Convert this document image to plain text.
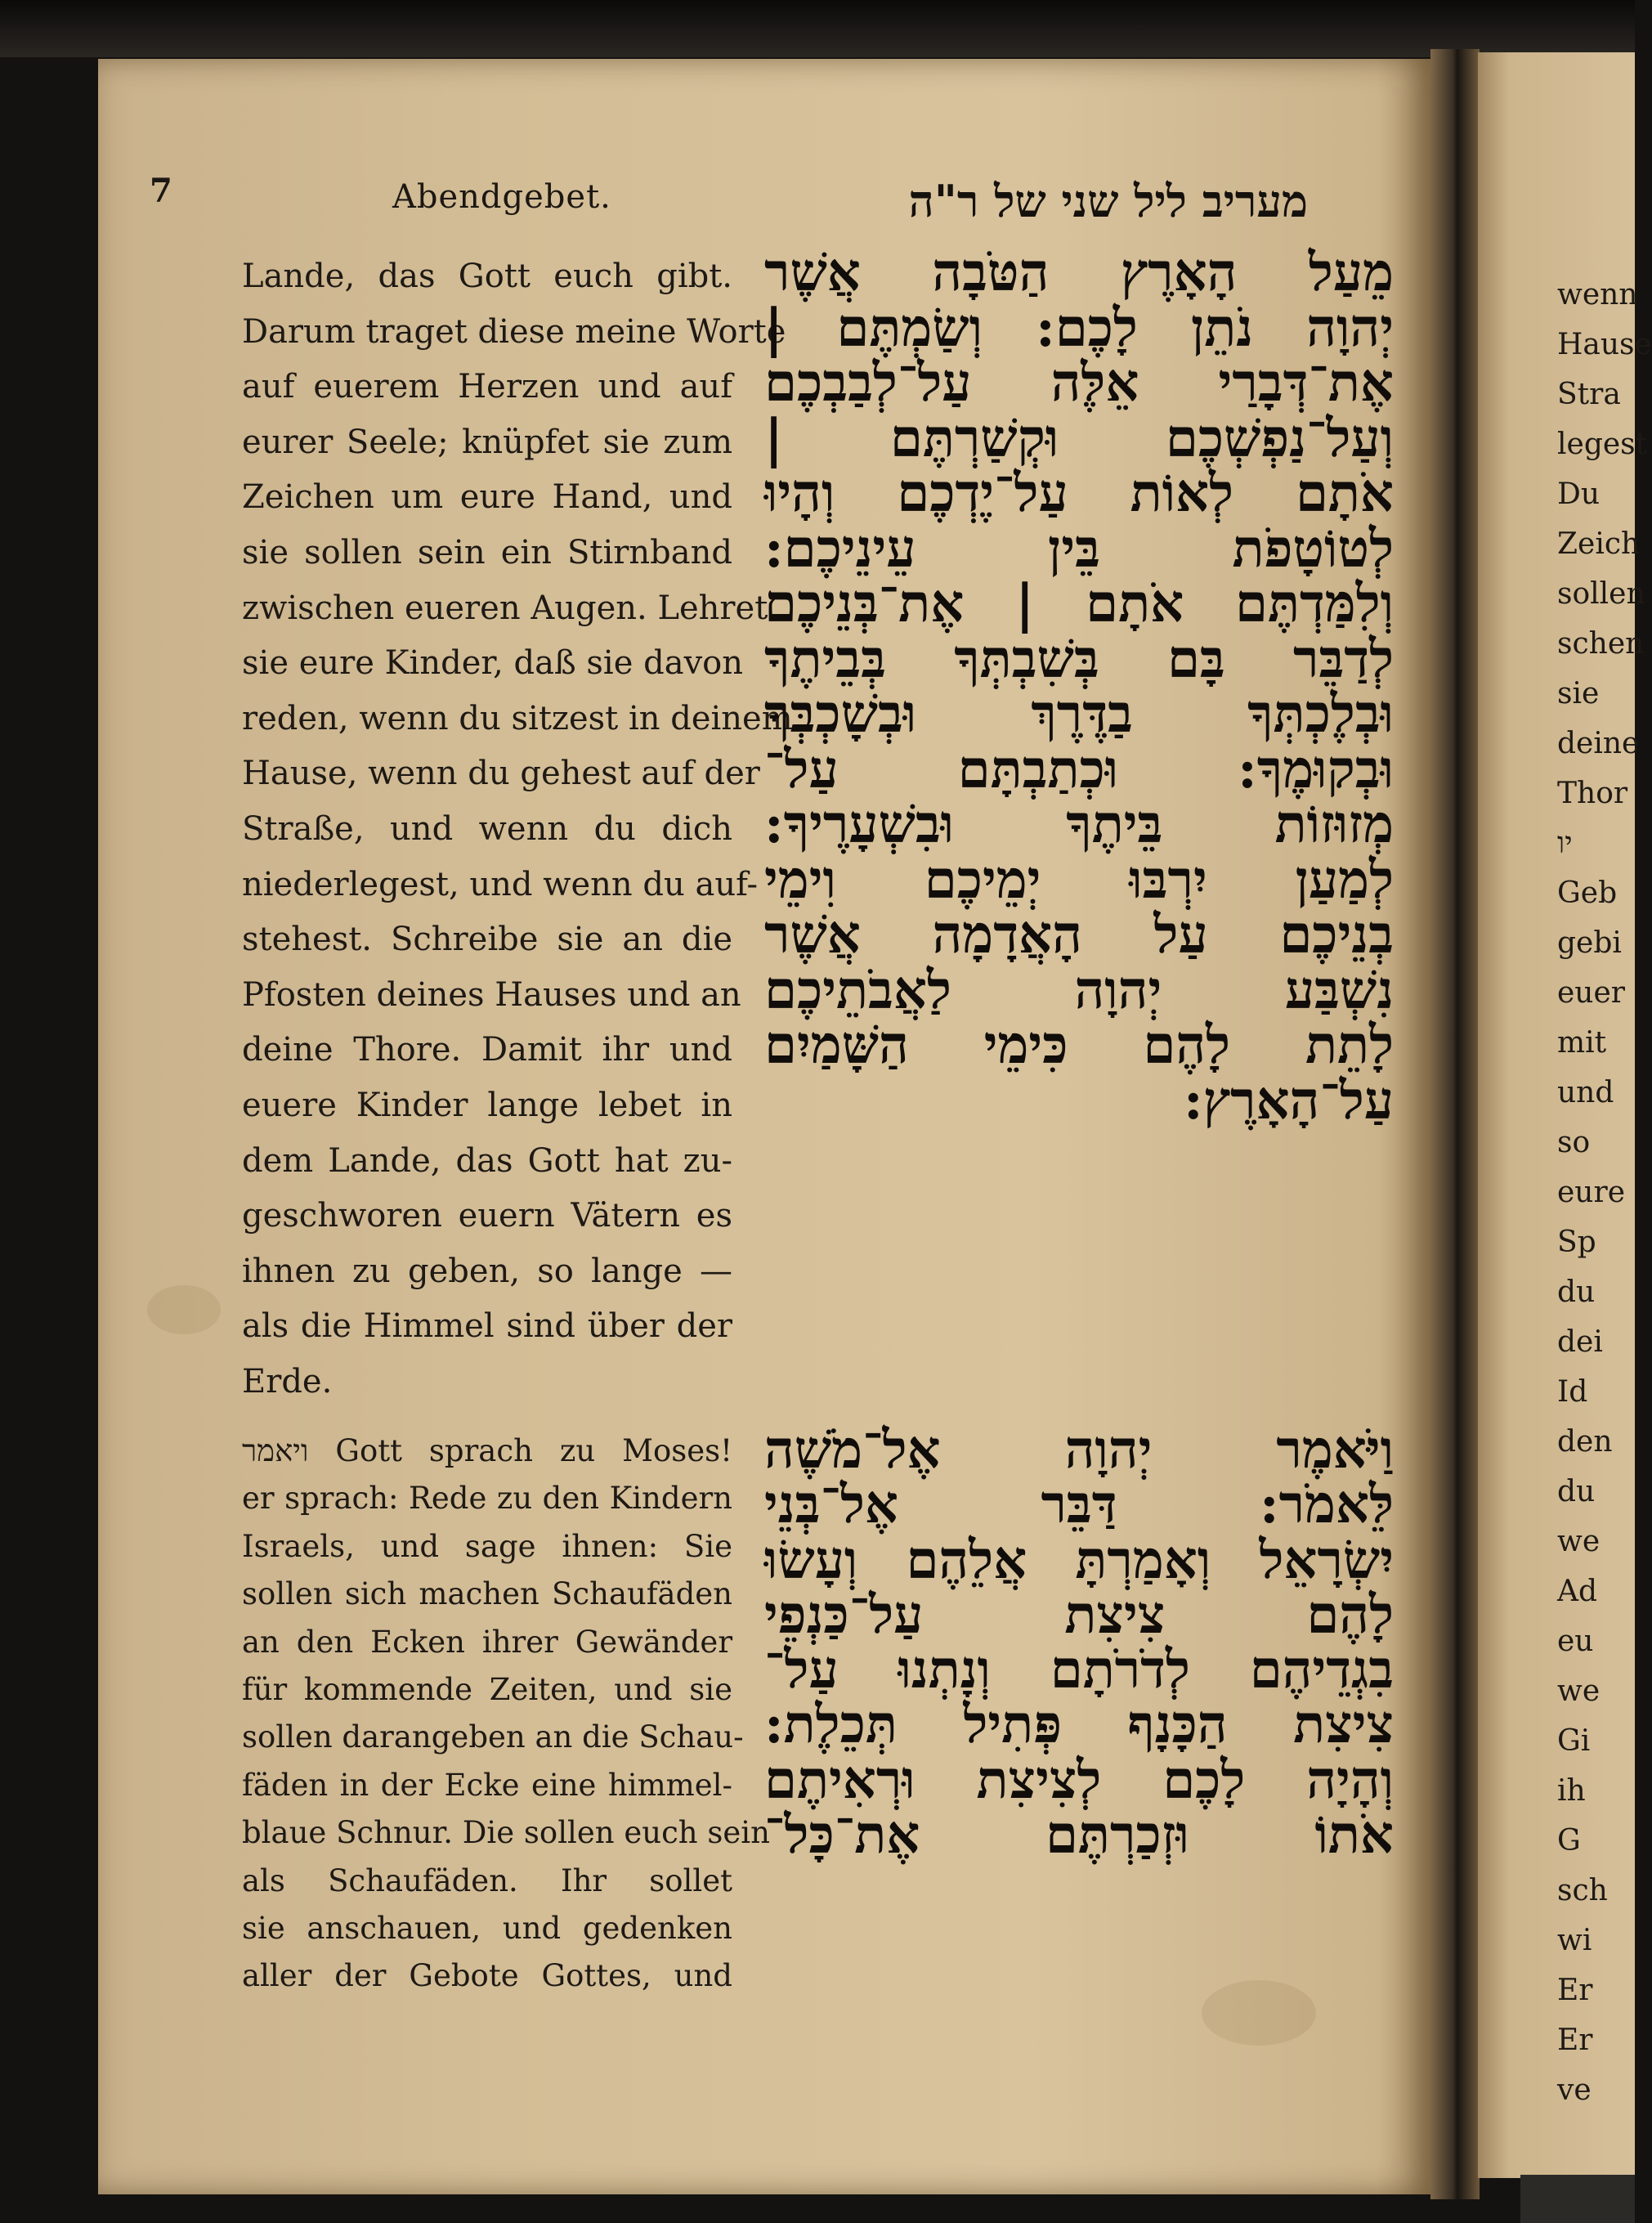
7	Abendgebet.	מעריב ליל שני של ר"ה
Lande, das Gott euch gibt.
Darum traget diese meine Worte
auf euerem Herzen und auf
eurer Seele; knüpfet sie zum
Zeichen um eure Hand, und
sie sollen sein ein Stirnband
zwischen eueren Augen. Lehret
sie eure Kinder, daß sie davon
reden, wenn du sitzest in deinem
Hause, wenn du gehest auf der
Straße, und wenn du dich
niederlegest, und wenn du auf-
stehest. Schreibe sie an die
Pfosten deines Hauses und an
deine Thore. Damit ihr und
euere Kinder lange lebet in
dem Lande, das Gott hat zu-
geschworen euern Vätern es
ihnen zu geben, so lange —
als die Himmel sind über der
Erde.
ויאמר Gott sprach zu Moses!
er sprach: Rede zu den Kindern
Israels, und sage ihnen: Sie
sollen sich machen Schaufäden
an den Ecken ihrer Gewänder
für kommende Zeiten, und sie
sollen darangeben an die Schau-
fäden in der Ecke eine himmel-
blaue Schnur. Die sollen euch sein
als Schaufäden. Ihr sollet
sie anschauen, und gedenken
aller der Gebote Gottes, und
מֵעַל הָאָרֶץ הַטֹּבָה אֲשֶׁר
יְהוָה נֹתֵן לָכֶם: וְשַׂמְתֶּם |
אֶת־דְּבָרַי אֵלֶּה עַל־לְבַבְכֶם
וְעַל־נַפְשְׁכֶם וּקְשַׁרְתֶּם |
אֹתָם לְאוֹת עַל־יֶדְכֶם וְהָיוּ
לְטוֹטָפֹת בֵּין עֵינֵיכֶם:
וְלִמַּדְתֶּם אֹתָם | אֶת־בְּנֵיכֶם
לְדַבֵּר בָּם בְּשִׁבְתְּךָ בְּבֵיתֶךָ
וּבְלֶכְתְּךָ בַדֶּרֶךְ וּבְשָׁכְבְּךָ
וּבְקוּמֶךָ: וּכְתַבְתָּם עַל־
מְזוּזוֹת בֵּיתֶךָ וּבִשְׁעָרֶיךָ:
לְמַעַן יִרְבּוּ יְמֵיכֶם וִימֵי
בְנֵיכֶם עַל הָאֲדָמָה אֲשֶׁר
נִשְׁבַּע יְהוָה לַאֲבֹתֵיכֶם
לָתֵת לָהֶם כִּימֵי הַשָּׁמַיִם
עַל־הָאָרֶץ:
וַיֹּאמֶר יְהוָה אֶל־מֹשֶׁה
לֵּאמֹר: דַּבֵּר אֶל־בְּנֵי
יִשְׂרָאֵל וְאָמַרְתָּ אֲלֵהֶם וְעָשׂוּ
לָהֶם צִיצִת עַל־כַּנְפֵי
בִגְדֵיהֶם לְדֹרֹתָם וְנָתְנוּ עַל־
צִיצִת הַכָּנָף פְּתִיל תְּכֵלֶת:
וְהָיָה לָכֶם לְצִיצִת וּרְאִיתֶם
אֹתוֹ וּזְכַרְתֶּם אֶת־כָּל־
wenn
Hause
Stra
legest
Du
Zeich
sollen
schen
sie
deine
Thor
יו
Geb
gebi
euer
mit
und
so
eure
Sp
du
dei
Id
den
du
we
Ad
eu
we
Gi
ih
G
sch
wi
Er
Er
ve
